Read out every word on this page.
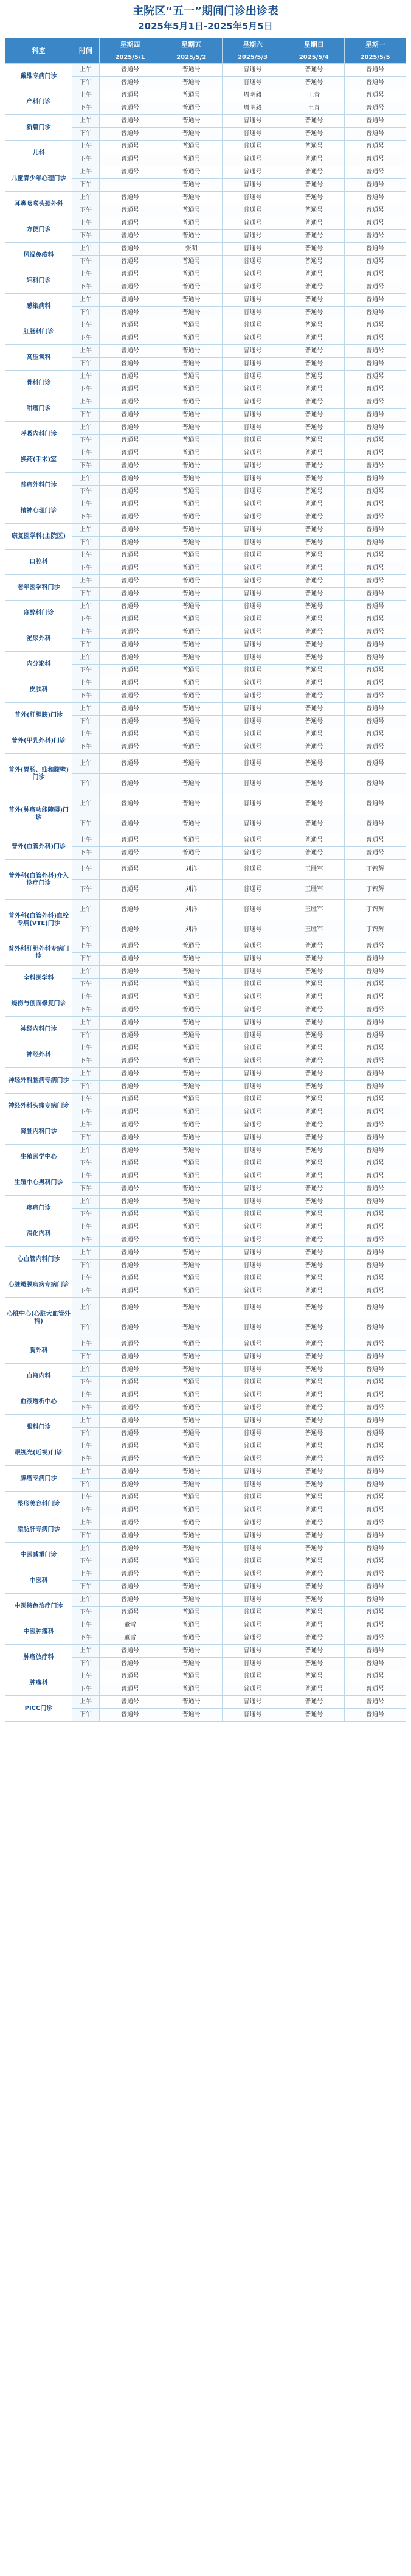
主院区“五一”期间门诊出诊表
2025年5月1日-2025年5月5日
科室	时间	星期四	星期五	星期六	星期日	星期一
		2025/5/1	2025/5/2	2025/5/3	2025/5/4	2025/5/5
戴维专病门诊	上午	普通号	普通号	普通号	普通号	普通号
	下午	普通号	普通号	普通号	普通号	普通号
产科门诊	上午	普通号	普通号	周明毅	王青	普通号
	下午	普通号	普通号	周明毅	王青	普通号
新篇门诊	上午	普通号	普通号	普通号	普通号	普通号
	下午	普通号	普通号	普通号	普通号	普通号
儿科	上午	普通号	普通号	普通号	普通号	普通号
	下午	普通号	普通号	普通号	普通号	普通号
儿童青少年心理门诊	上午	普通号	普通号	普通号	普通号	普通号
	下午		普通号	普通号	普通号	普通号
耳鼻咽喉头颈外科	上午	普通号	普通号	普通号	普通号	普通号
	下午	普通号	普通号	普通号	普通号	普通号
方便门诊	上午	普通号	普通号	普通号	普通号	普通号
	下午	普通号	普通号	普通号	普通号	普通号
风湿免疫科	上午	普通号	张明	普通号	普通号	普通号
	下午	普通号	普通号	普通号	普通号	普通号
妇科门诊	上午	普通号	普通号	普通号	普通号	普通号
	下午	普通号	普通号	普通号	普通号	普通号
感染病科	上午	普通号	普通号	普通号	普通号	普通号
	下午	普通号	普通号	普通号	普通号	普通号
肛肠科门诊	上午	普通号	普通号	普通号	普通号	普通号
	下午	普通号	普通号	普通号	普通号	普通号
高压氧科	上午	普通号	普通号	普通号	普通号	普通号
	下午	普通号	普通号	普通号	普通号	普通号
骨科门诊	上午	普通号	普通号	普通号	普通号	普通号
	下午	普通号	普通号	普通号	普通号	普通号
甜瘤门诊	上午	普通号	普通号	普通号	普通号	普通号
	下午	普通号	普通号	普通号	普通号	普通号
呼吸内科门诊	上午	普通号	普通号	普通号	普通号	普通号
	下午	普通号	普通号	普通号	普通号	普通号
换药(手术)室	上午	普通号	普通号	普通号	普通号	普通号
	下午	普通号	普通号	普通号	普通号	普通号
普痛外科门诊	上午	普通号	普通号	普通号	普通号	普通号
	下午	普通号	普通号	普通号	普通号	普通号
精神心理门诊	上午	普通号	普通号	普通号	普通号	普通号
	下午	普通号	普通号	普通号	普通号	普通号
康复医学科(主院区)	上午	普通号	普通号	普通号	普通号	普通号
	下午	普通号	普通号	普通号	普通号	普通号
口腔科	上午	普通号	普通号	普通号	普通号	普通号
	下午	普通号	普通号	普通号	普通号	普通号
老年医学科门诊	上午	普通号	普通号	普通号	普通号	普通号
	下午	普通号	普通号	普通号	普通号	普通号
麻醉科门诊	上午	普通号	普通号	普通号	普通号	普通号
	下午	普通号	普通号	普通号	普通号	普通号
泌尿外科	上午	普通号	普通号	普通号	普通号	普通号
	下午	普通号	普通号	普通号	普通号	普通号
内分泌科	上午	普通号	普通号	普通号	普通号	普通号
	下午	普通号	普通号	普通号	普通号	普通号
皮肤科	上午	普通号	普通号	普通号	普通号	普通号
	下午	普通号	普通号	普通号	普通号	普通号
普外(肝胆胰)门诊	上午	普通号	普通号	普通号	普通号	普通号
	下午	普通号	普通号	普通号	普通号	普通号
普外(甲乳外科)门诊	上午	普通号	普通号	普通号	普通号	普通号
	下午	普通号	普通号	普通号	普通号	普通号
普外(胃肠、疝和腹壁)门诊	上午	普通号	普通号	普通号	普通号	普通号
	下午	普通号	普通号	普通号	普通号	普通号
普外(肿瘤功能障碍)门诊	上午	普通号	普通号	普通号	普通号	普通号
	下午	普通号	普通号	普通号	普通号	普通号
普外(血管外科)门诊	上午	普通号	普通号	普通号	普通号	普通号
	下午	普通号	普通号	普通号	普通号	普通号
普外科(血管外科)介入诊疗门诊	上午	普通号	刘洋	普通号	王胜军	丁锦辉
	下午	普通号	刘洋	普通号	王胜军	丁锦辉
普外科(血管外科)血栓专病(VTE)门诊	上午	普通号	刘洋	普通号	王胜军	丁锦辉
	下午	普通号	刘洋	普通号	王胜军	丁锦辉
普外科肝胆外科专病门诊	上午	普通号	普通号	普通号	普通号	普通号
	下午	普通号	普通号	普通号	普通号	普通号
全科医学科	上午	普通号	普通号	普通号	普通号	普通号
	下午	普通号	普通号	普通号	普通号	普通号
烧伤与创面修复门诊	上午	普通号	普通号	普通号	普通号	普通号
	下午	普通号	普通号	普通号	普通号	普通号
神经内科门诊	上午	普通号	普通号	普通号	普通号	普通号
	下午	普通号	普通号	普通号	普通号	普通号
神经外科	上午	普通号	普通号	普通号	普通号	普通号
	下午	普通号	普通号	普通号	普通号	普通号
神经外科脑病专病门诊	上午	普通号	普通号	普通号	普通号	普通号
	下午	普通号	普通号	普通号	普通号	普通号
神经外科头痛专病门诊	上午	普通号	普通号	普通号	普通号	普通号
	下午	普通号	普通号	普通号	普通号	普通号
肾脏内科门诊	上午	普通号	普通号	普通号	普通号	普通号
	下午	普通号	普通号	普通号	普通号	普通号
生殖医学中心	上午	普通号	普通号	普通号	普通号	普通号
	下午	普通号	普通号	普通号	普通号	普通号
生殖中心男科门诊	上午	普通号	普通号	普通号	普通号	普通号
	下午	普通号	普通号	普通号	普通号	普通号
疼痛门诊	上午	普通号	普通号	普通号	普通号	普通号
	下午	普通号	普通号	普通号	普通号	普通号
消化内科	上午	普通号	普通号	普通号	普通号	普通号
	下午	普通号	普通号	普通号	普通号	普通号
心血管内科门诊	上午	普通号	普通号	普通号	普通号	普通号
	下午	普通号	普通号	普通号	普通号	普通号
心脏瓣膜病病专病门诊	上午	普通号	普通号	普通号	普通号	普通号
	下午	普通号	普通号	普通号	普通号	普通号
心脏中心(心脏大血管外科)	上午	普通号	普通号	普通号	普通号	普通号
	下午	普通号	普通号	普通号	普通号	普通号
胸外科	上午	普通号	普通号	普通号	普通号	普通号
	下午	普通号	普通号	普通号	普通号	普通号
血液内科	上午	普通号	普通号	普通号	普通号	普通号
	下午	普通号	普通号	普通号	普通号	普通号
血液透析中心	上午	普通号	普通号	普通号	普通号	普通号
	下午	普通号	普通号	普通号	普通号	普通号
眼科门诊	上午	普通号	普通号	普通号	普通号	普通号
	下午	普通号	普通号	普通号	普通号	普通号
眼视光(近视)门诊	上午	普通号	普通号	普通号	普通号	普通号
	下午	普通号	普通号	普通号	普通号	普通号
腺瘤专病门诊	上午	普通号	普通号	普通号	普通号	普通号
	下午	普通号	普通号	普通号	普通号	普通号
整形美容科门诊	上午	普通号	普通号	普通号	普通号	普通号
	下午	普通号	普通号	普通号	普通号	普通号
脂肪肝专病门诊	上午	普通号	普通号	普通号	普通号	普通号
	下午	普通号	普通号	普通号	普通号	普通号
中医减重门诊	上午	普通号	普通号	普通号	普通号	普通号
	下午	普通号	普通号	普通号	普通号	普通号
中医科	上午	普通号	普通号	普通号	普通号	普通号
	下午	普通号	普通号	普通号	普通号	普通号
中医特色治疗门诊	上午	普通号	普通号	普通号	普通号	普通号
	下午	普通号	普通号	普通号	普通号	普通号
中医肿瘤科	上午	董雪	普通号	普通号	普通号	普通号
	下午	董雪	普通号	普通号	普通号	普通号
肿瘤放疗科	上午	普通号	普通号	普通号	普通号	普通号
	下午	普通号	普通号	普通号	普通号	普通号
肿瘤科	上午	普通号	普通号	普通号	普通号	普通号
	下午	普通号	普通号	普通号	普通号	普通号
PICC门诊	上午	普通号	普通号	普通号	普通号	普通号
	下午	普通号	普通号	普通号	普通号	普通号
